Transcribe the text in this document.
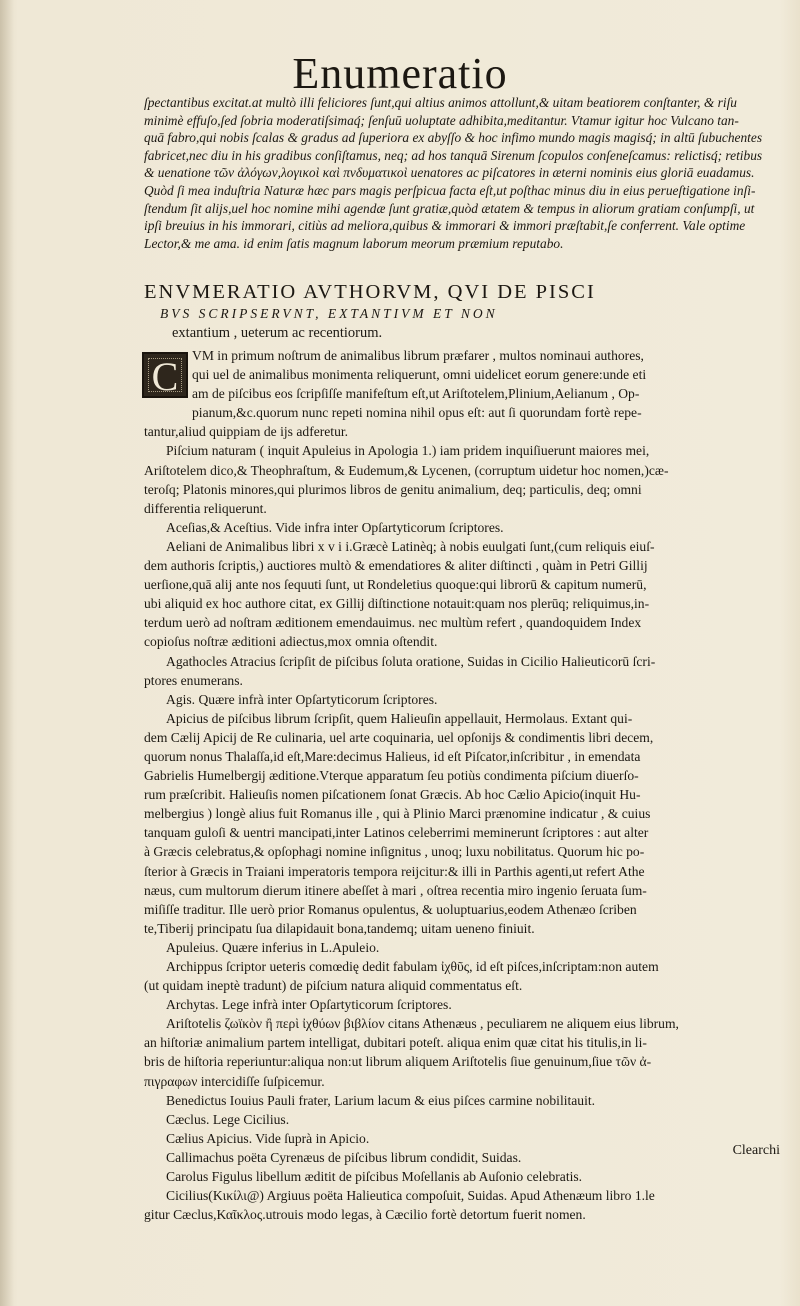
Enumeratio
ſpectantibus excitat.at multò illi feliciores ſunt,qui altius animos attollunt,& uitam beatiorem conſtanter, & riſu
minimè effuſo,ſed ſobria moderatiſsimaq́; ſenſuū uoluptate adhibita,meditantur. Vtamur igitur hoc Vulcano tan-
quā fabro,qui nobis ſcalas & gradus ad ſuperiora ex abyſſo & hoc infimo mundo magis magisq́; in altū ſubuchentes
fabricet,nec diu in his gradibus conſiſtamus, neq; ad hos tanquā Sirenum ſcopulos conſeneſcamus: relictisq́; retibus
& uenatione τῶν ἀλόγων,λογικοὶ καὶ πνδυματικοὶ uenatores ac piſcatores in æterni nominis eius gloriā euadamus.
Quòd ſi mea induſtria Naturæ hæc pars magis perſpicua facta eſt,ut poſthac minus diu in eius perueſtigatione inſi-
ſtendum ſit alijs,uel hoc nomine mihi agendæ ſunt gratiæ,quòd ætatem & tempus in aliorum gratiam conſumpſi, ut
ipſi breuius in his immorari, citiùs ad meliora,quibus & immorari & immori præſtabit,ſe conferrent. Vale optime
Lector,& me ama. id enim ſatis magnum laborum meorum præmium reputabo.
ENVMERATIO AVTHORVM, QVI DE PISCI
BVS SCRIPSERVNT, EXTANTIVM ET NON
extantium , ueterum ac recentiorum.
C	VM in primum noſtrum de animalibus librum præfarer , multos nominaui authores,
qui uel de animalibus monimenta reliquerunt, omni uidelicet eorum genere:unde eti
am de piſcibus eos ſcripſiſſe manifeſtum eſt,ut Ariſtotelem,Plinium,Aelianum , Op-
pianum,&c.quorum nunc repeti nomina nihil opus eſt: aut ſi quorundam fortè repe-
tantur,aliud quippiam de ijs adferetur.
Piſcium naturam ( inquit Apuleius in Apologia 1.) iam pridem inquiſiuerunt maiores mei,
Ariſtotelem dico,& Theophraſtum, & Eudemum,& Lycenen, (corruptum uidetur hoc nomen,)cæ-
teroſq; Platonis minores,qui plurimos libros de genitu animalium, deq; particulis, deq; omni
differentia reliquerunt.
Aceſias,& Aceſtius. Vide infra inter Opſartyticorum ſcriptores.
Aeliani de Animalibus libri x v i i.Græcè Latinèq; à nobis euulgati ſunt,(cum reliquis eiuſ-
dem authoris ſcriptis,) auctiores multò & emendatiores & aliter diſtincti , quàm in Petri Gillij
uerſione,quā alij ante nos ſequuti ſunt, ut Rondeletius quoque:qui librorū & capitum numerū,
ubi aliquid ex hoc authore citat, ex Gillij diſtinctione notauit:quam nos plerūq; reliquimus,in-
terdum uerò ad noſtram æditionem emendauimus. nec multùm refert , quandoquidem Index
copioſus noſtræ æditioni adiectus,mox omnia oſtendit.
Agathocles Atracius ſcripſit de piſcibus ſoluta oratione, Suidas in Cicilio Halieuticorū ſcri-
ptores enumerans.
Agis. Quære infrà inter Opſartyticorum ſcriptores.
Apicius de piſcibus librum ſcripſit, quem Halieuſin appellauit, Hermolaus. Extant qui-
dem Cælij Apicij de Re culinaria, uel arte coquinaria, uel opſonijs & condimentis libri decem,
quorum nonus Thalaſſa,id eſt,Mare:decimus Halieus, id eſt Piſcator,inſcribitur , in emendata
Gabrielis Humelbergij æditione.Vterque apparatum ſeu potiùs condimenta piſcium diuerſo-
rum præſcribit. Halieuſis nomen piſcationem ſonat Græcis. Ab hoc Cælio Apicio(inquit Hu-
melbergius ) longè alius fuit Romanus ille , qui à Plinio Marci prænomine indicatur , & cuius
tanquam guloſi & uentri mancipati,inter Latinos celeberrimi meminerunt ſcriptores : aut alter
à Græcis celebratus,& opſophagi nomine inſignitus , unoq; luxu nobilitatus. Quorum hic po-
ſterior à Græcis in Traiani imperatoris tempora reijcitur:& illi in Parthis agenti,ut refert Athe
næus, cum multorum dierum itinere abeſſet à mari , oſtrea recentia miro ingenio ſeruata ſum-
miſiſſe traditur. Ille uerò prior Romanus opulentus, & uoluptuarius,eodem Athenæo ſcriben
te,Tiberij principatu ſua dilapidauit bona,tandemq; uitam ueneno finiuit.
Apuleius. Quære inferius in L.Apuleio.
Archippus ſcriptor ueteris comœdię dedit fabulam ἰχθῦς, id eſt piſces,inſcriptam:non autem
(ut quidam ineptè tradunt) de piſcium natura aliquid commentatus eſt.
Archytas. Lege infrà inter Opſartyticorum ſcriptores.
Ariſtotelis ζωϊκὸν ἢ περὶ ἰχθύων βιβλίον citans Athenæus , peculiarem ne aliquem eius librum,
an hiſtoriæ animalium partem intelligat, dubitari poteſt. aliqua enim quæ citat his titulis,in li-
bris de hiſtoria reperiuntur:aliqua non:ut librum aliquem Ariſtotelis ſiue genuinum,ſiue τῶν ἀ-
πιγραφων intercidiſſe ſuſpicemur.
Benedictus Iouius Pauli frater, Larium lacum & eius piſces carmine nobilitauit.
Cæclus. Lege Cicilius.
Cælius Apicius. Vide ſuprà in Apicio.
Callimachus poëta Cyrenæus de piſcibus librum condidit, Suidas.
Carolus Figulus libellum æditit de piſcibus Moſellanis ab Auſonio celebratis.
Cicilius(Κικίλι@) Argiuus poëta Halieutica compoſuit, Suidas. Apud Athenæum libro 1.le
gitur Cæclus,Καῖκλος.utrouis modo legas, à Cæcilio fortè detortum fuerit nomen.
Clearchi
